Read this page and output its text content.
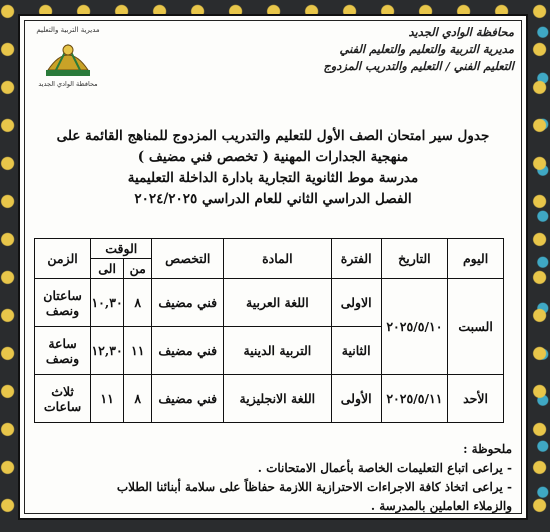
مديرية التربية والتعليم
محافظة الوادي الجديد
محافظة الوادي الجديد
مديرية التربية والتعليم والتعليم الفني
التعليم الفني / التعليم والتدريب المزدوج
جدول سير امتحان الصف الأول للتعليم والتدريب المزدوج للمناهج القائمة على
منهجية الجدارات المهنية ( تخصص فني مضيف )
مدرسة موط الثانوية التجارية بادارة الداخلة التعليمية
الفصل الدراسي الثاني للعام الدراسي ٢٠٢٤/٢٠٢٥
اليوم	التاريخ	الفترة	المادة	التخصص	الوقت		الزمن
					من	الى	
السبت	٢٠٢٥/٥/١٠	الاولى	اللغة العربية	فني مضيف	٨	١٠,٣٠	ساعتان ونصف
		الثانية	التربية الدينية	فني مضيف	١١	١٢,٣٠	ساعة ونصف
الأحد	٢٠٢٥/٥/١١	الأولى	اللغة الانجليزية	فني مضيف	٨	١١	ثلاث ساعات
ملحوظة :
- يراعى اتباع التعليمات الخاصة بأعمال الامتحانات .
- يراعى اتخاذ كافة الاجراءات الاحترازية اللازمة حفاظاً على سلامة أبنائنا الطلاب
والزملاء العاملين بالمدرسة .
